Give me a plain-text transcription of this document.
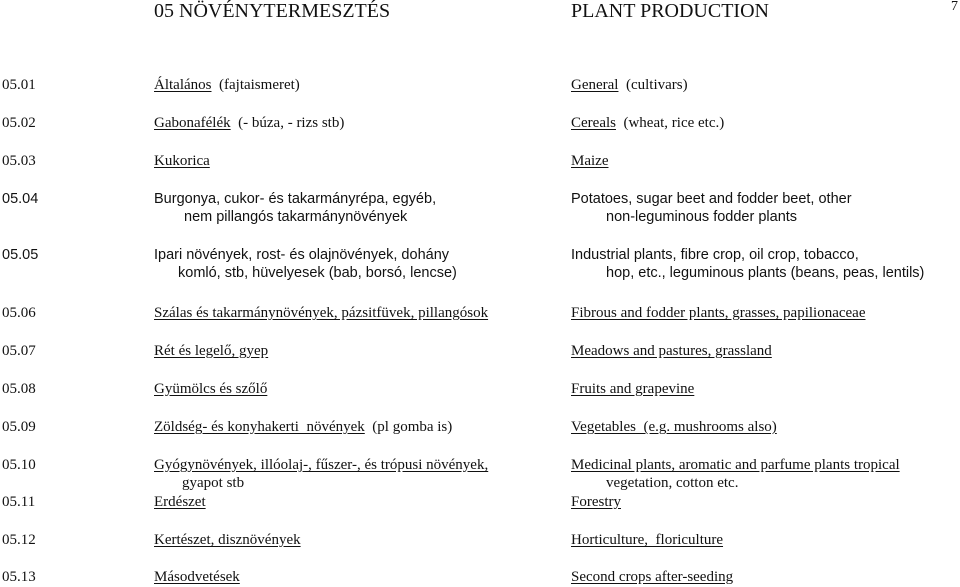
7
05 NÖVÉNYTERMESZTÉS	PLANT PRODUCTION
05.01	Általános  (fajtaismeret)	General  (cultivars)
05.02	Gabonafélék  (- búza, - rizs stb)	Cereals  (wheat, rice etc.)
05.03	Kukorica	Maize
05.04	Burgonya, cukor- és takarmányrépa, egyéb,	Potatoes, sugar beet and fodder beet, other
nem pillangós takarmánynövények	non-leguminous fodder plants
05.05	Ipari növények, rost- és olajnövények, dohány	Industrial plants, fibre crop, oil crop, tobacco,
komló, stb, hüvelyesek (bab, borsó, lencse)	hop, etc., leguminous plants (beans, peas, lentils)
05.06	Szálas és takarmánynövények, pázsitfüvek, pillangósok	Fibrous and fodder plants, grasses, papilionaceae
05.07	Rét és legelő, gyep	Meadows and pastures, grassland
05.08	Gyümölcs és szőlő	Fruits and grapevine
05.09	Zöldség- és konyhakerti  növények  (pl gomba is)	Vegetables  (e.g. mushrooms also)
05.10	Gyógynövények, illóolaj-, fűszer-, és trópusi növények,	Medicinal plants, aromatic and parfume plants tropical
gyapot stb	vegetation, cotton etc.
05.11	Erdészet	Forestry
05.12	Kertészet, disznövények	Horticulture,  floriculture
05.13	Másodvetések	Second crops after-seeding
